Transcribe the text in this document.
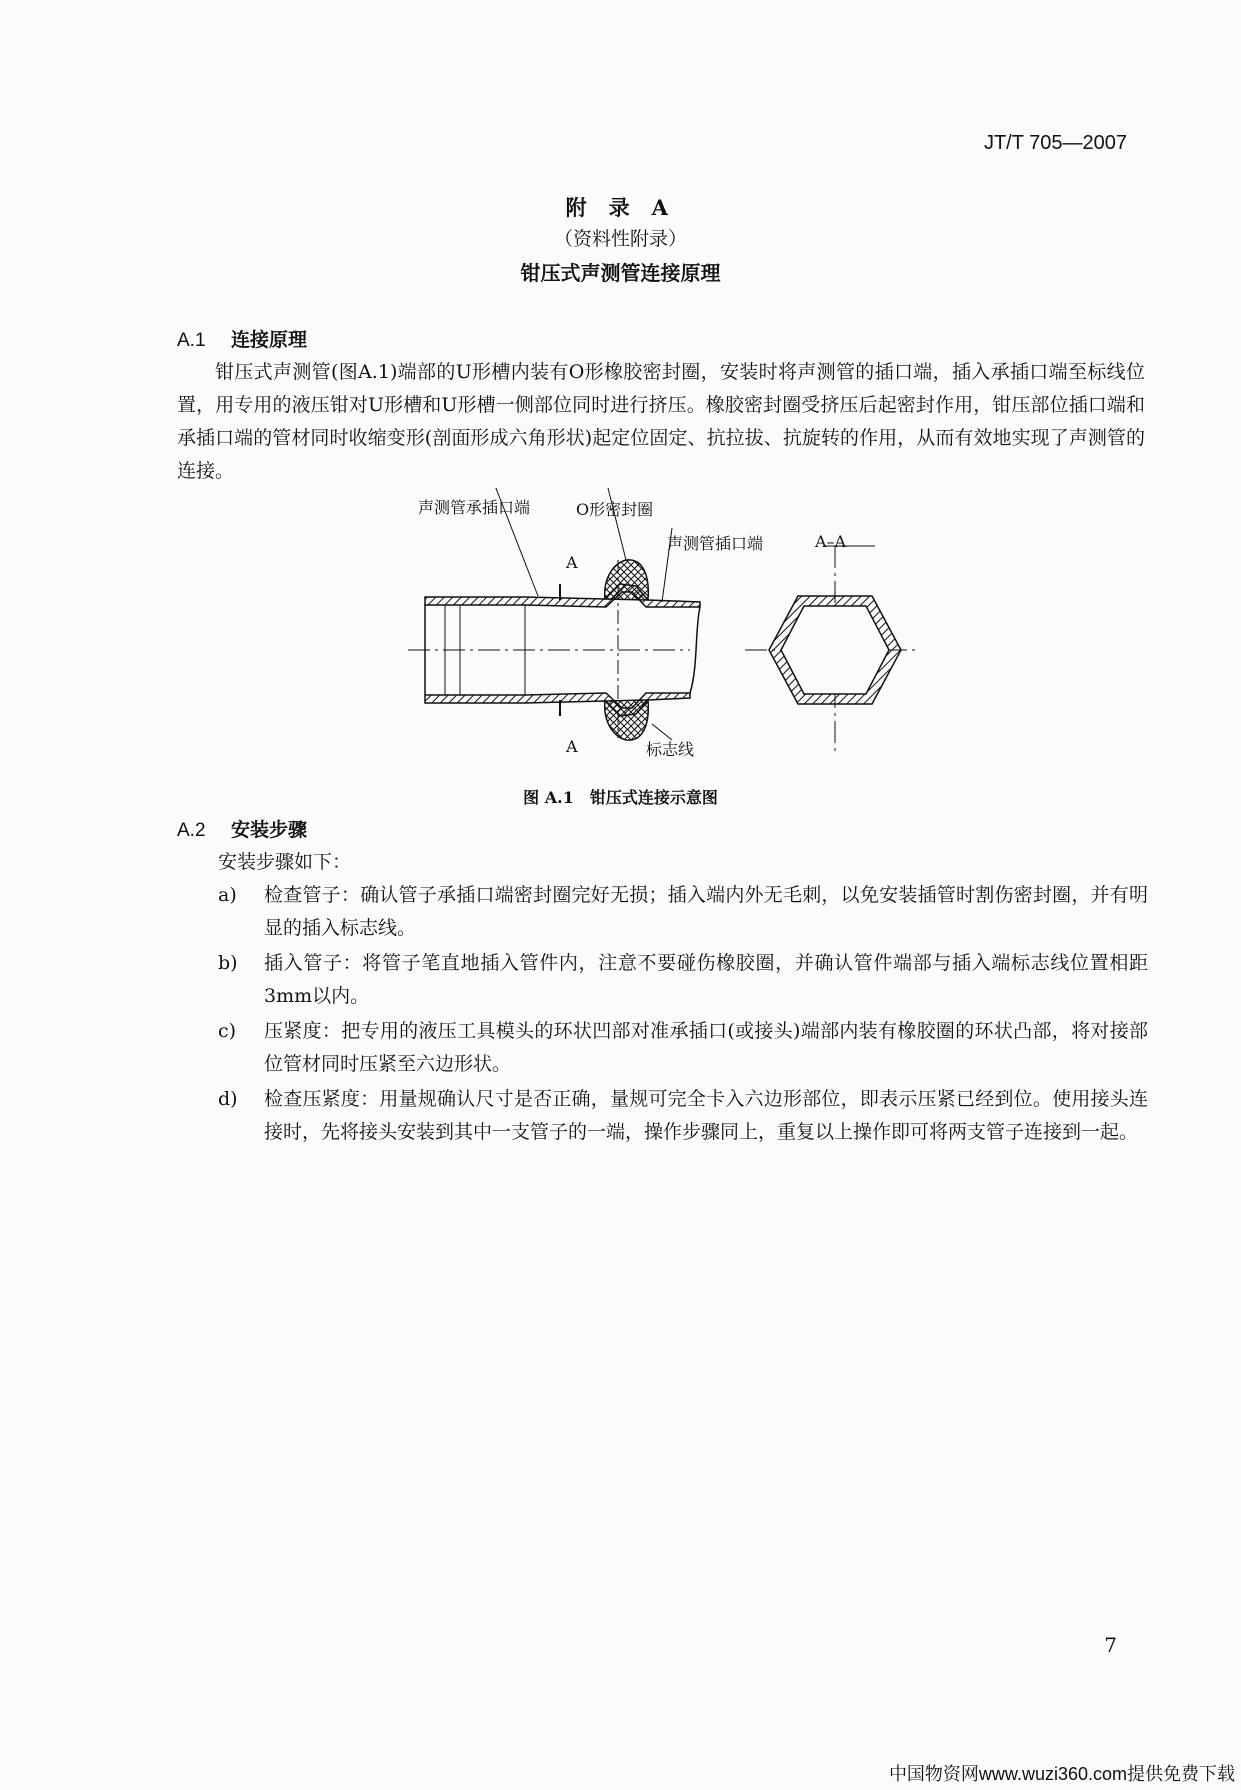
JT/T 705—2007
附 录 A
（资料性附录）
钳压式声测管连接原理
A.1 连接原理
钳压式声测管(图A.1)端部的U形槽内装有O形橡胶密封圈，安装时将声测管的插口端，插入承插口端至标线位置，用专用的液压钳对U形槽和U形槽一侧部位同时进行挤压。橡胶密封圈受挤压后起密封作用，钳压部位插口端和承插口端的管材同时收缩变形(剖面形成六角形状)起定位固定、抗拉拔、抗旋转的作用，从而有效地实现了声测管的连接。
声测管承插口端	O形密封圈
声测管插口端
A
A
A–A
标志线
图 A.1　钳压式连接示意图
A.2 安装步骤
安装步骤如下：
a) 检查管子：确认管子承插口端密封圈完好无损；插入端内外无毛刺，以免安装插管时割伤密封圈，并有明显的插入标志线。
b) 插入管子：将管子笔直地插入管件内，注意不要碰伤橡胶圈，并确认管件端部与插入端标志线位置相距3mm以内。
c) 压紧度：把专用的液压工具模头的环状凹部对准承插口(或接头)端部内装有橡胶圈的环状凸部，将对接部位管材同时压紧至六边形状。
d) 检查压紧度：用量规确认尺寸是否正确，量规可完全卡入六边形部位，即表示压紧已经到位。使用接头连接时，先将接头安装到其中一支管子的一端，操作步骤同上，重复以上操作即可将两支管子连接到一起。
7
中国物资网www.wuzi360.com提供免费下载
